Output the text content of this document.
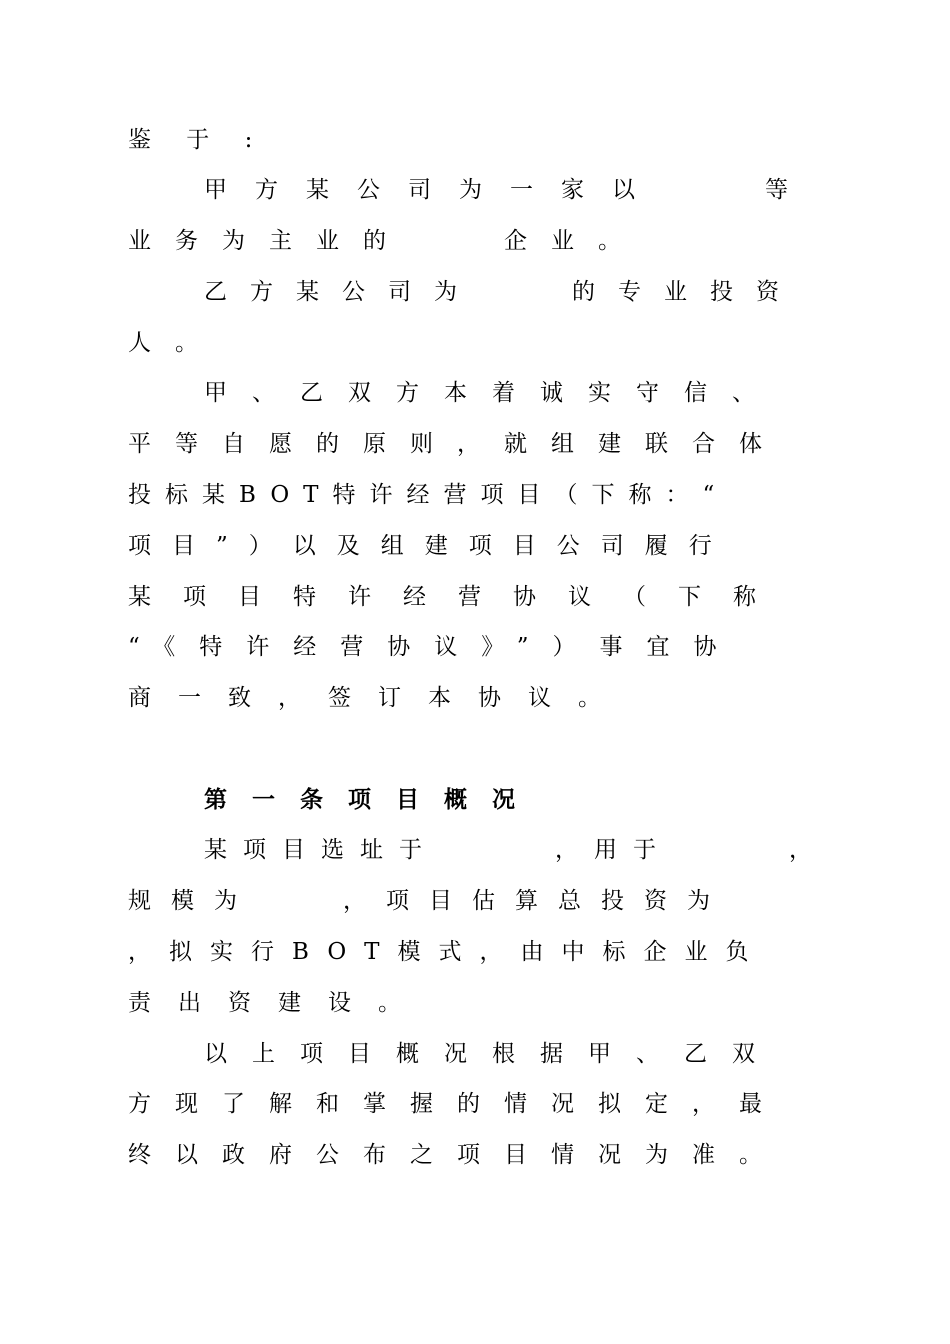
鉴 于 :
甲方某公司为一家以　　等
业务为主业的　　企业。
乙方某公司为　　的专业投资
人。
甲、乙双方本着诚实守信、
平等自愿的原则，就组建联合体
投标某BOT特许经营项目（下称：“
项目”）以及组建项目公司履行
某项目特许经营协议（下称
“《特许经营协议》”）事宜协
商一致，签订本协议。
第一条项目概况
某项目选址于　　　，用于　　　，
规模为　　，项目估算总投资为
，拟实行BOT模式，由中标企业负
责出资建设。
以上项目概况根据甲、乙双
方现了解和掌握的情况拟定，最
终以政府公布之项目情况为准。
